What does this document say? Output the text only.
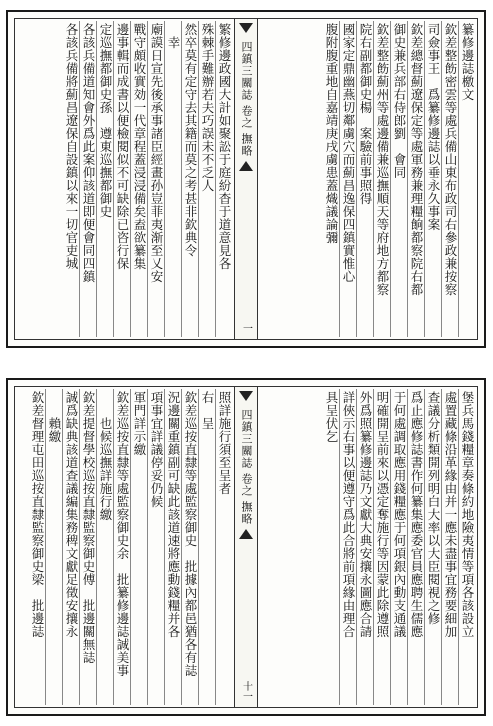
纂修邊誌檄文
欽差整飭密雲等處兵備山東布政司右參政兼按察
司僉事王　爲纂修邊誌以垂永久事案
欽差總督薊遼保定等處軍務兼理糧餉都察院右都
御史兼兵部右侍郎劉　會同
欽差整飭薊州等處邊備兼巡撫順天等府地方都察
院右副都御史楊　案驗前事照得
國家定鼎幽燕切鄰虜穴而薊昌逸保四鎮實惟心
腹附腹重地自嘉靖庚戌虜患蓋熾議論彌
四鎮三關誌
卷之
撫略
一
繁修邊政國大計如聚訟于庭紛杳于道意見各
殊棘手難辦若夫巧誤未不乏人
然卒莫有定守去其籍而莫之考甚非欽典令
　幸
廟謨日宣先後承事諸臣經畫孙豈菲夷渐至乂安
戰守頗收實効一代章程蓋浸浸備矣盍欲纂集
邊事輯而成書以便檢閱似不可缺除已咨行保
定巡撫都御史孫　遵東巡撫都御史
各該兵備道知會外爲此案仰該道即便會同四鎮
各該兵備將薊昌遼保自設鎮以來一切官吏城
堡兵馬錢糧章奏條約地險夷情等項各該設立
處置藏條沿革緣由并一應未盡事宜務要細加
查議分析類開列明白大率以大臣閱視之修
爲止應修誌書作何纂集應委官員應聘生儒應
于何處調取應用錢糧應于何項銀內動支通議
明確開呈前來以憑定奪施行等因蒙此除遵照
外爲照纂修邊誌乃文獻大典安攘永圖應合請
詳俠示右事以便遵守爲此合將前項緣由理合
具呈伏乞
四鎮三關誌
卷之
撫略
十一
照詳施行須至呈者
右　呈
欽差巡按直隸等處監察御史　批據內都邑猶各有誌
況邊關重鎮副可缺此該道速將應動錢糧并各
項事宜詳議停妥仍候
軍門詳示繳
欽差巡按直隸等處監察御史余　批纂修邊誌誠美事
　　也候巡撫詳施行繳
欽差提督學校巡按直隸監察御史傅　批邊關無誌
誠爲缺典該道查議編集務稗文獻足徵安攘永
　　賴繳
欽差督理屯田巡按直隸監察御史梁　批邊誌
